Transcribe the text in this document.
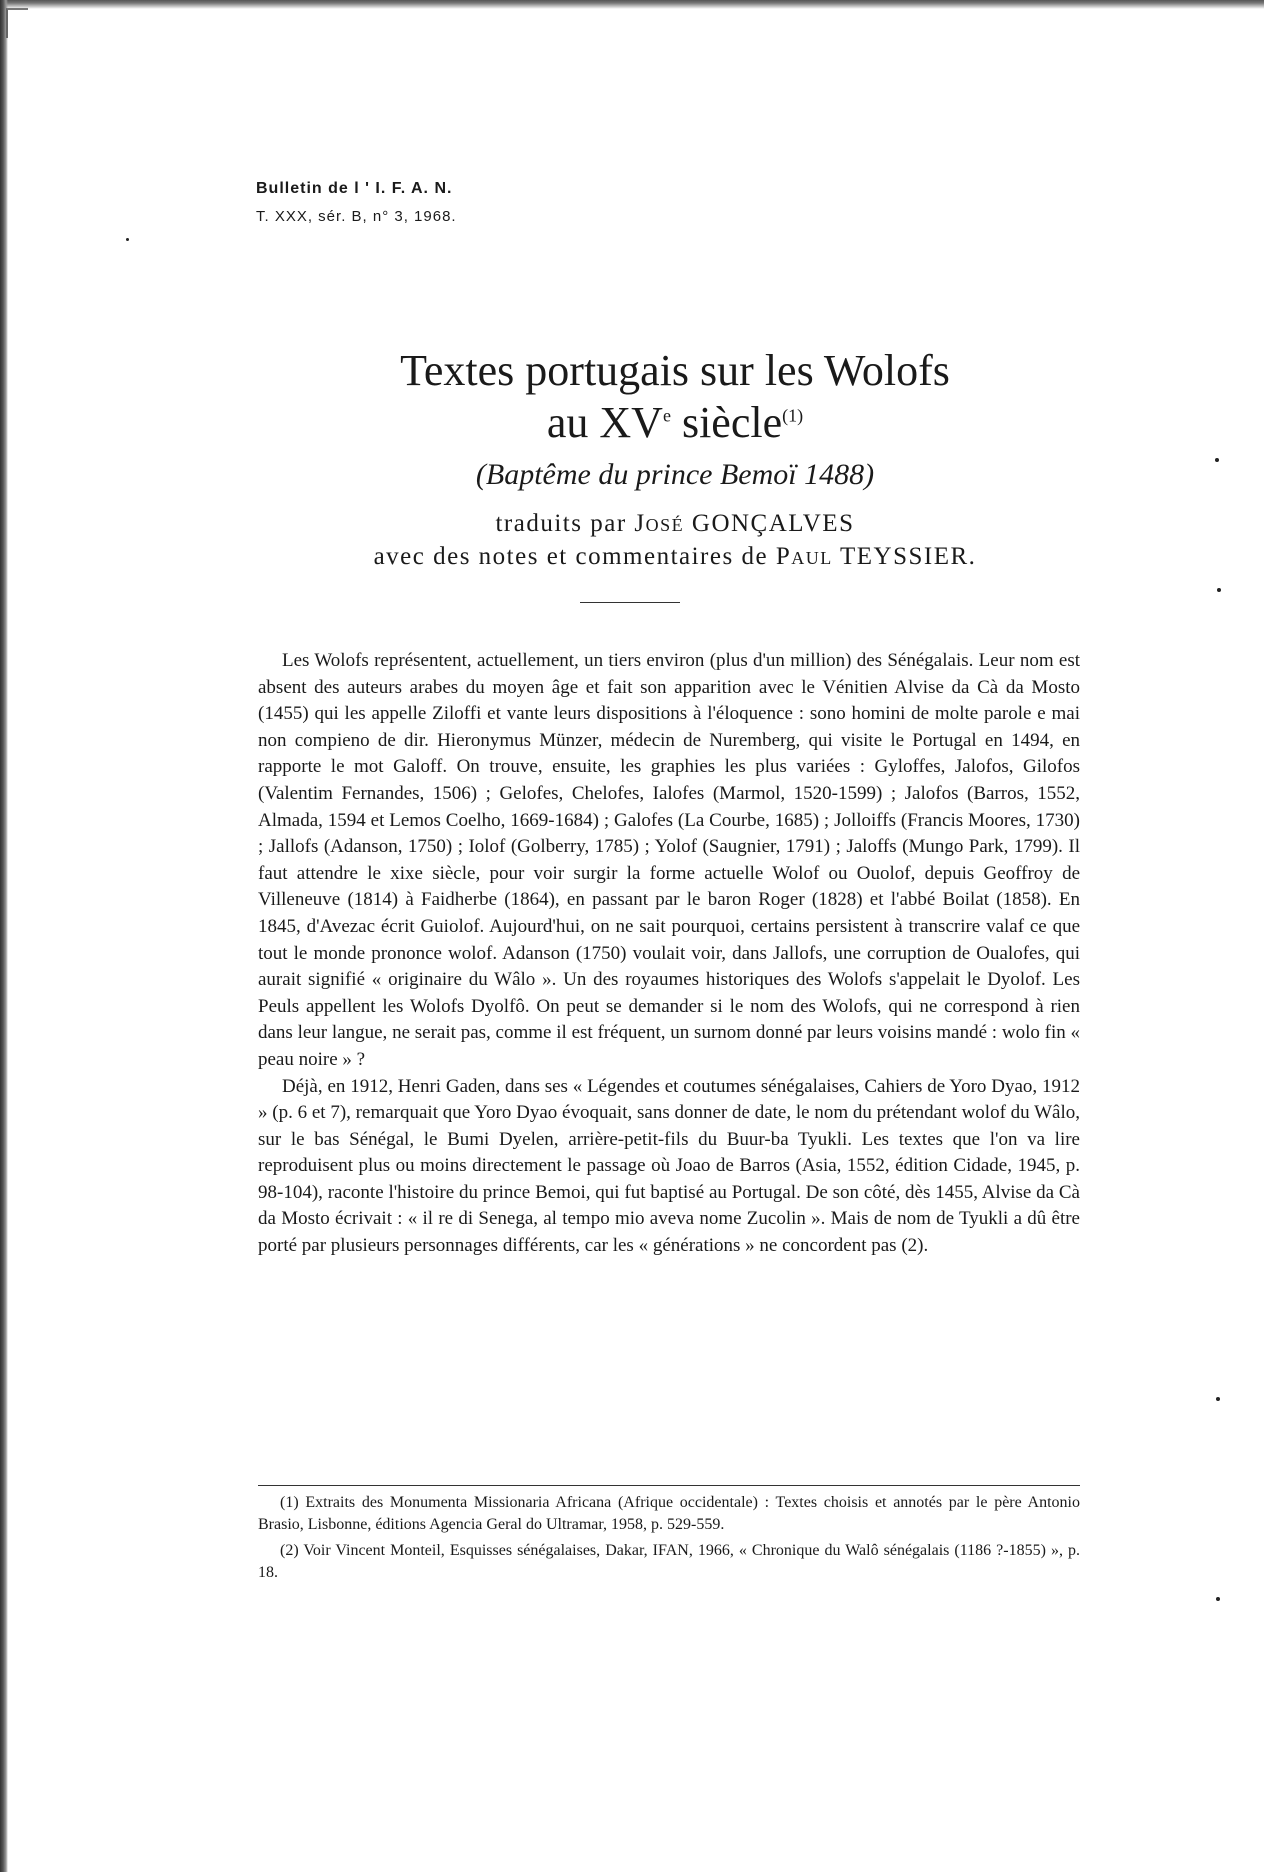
Bulletin de l ' I. F. A. N.
T. XXX, sér. B, n° 3, 1968.
Textes portugais sur les Wolofs
au XVe siècle$^{(1)}$
(Baptême du prince Bemoï 1488)
traduits par José GONÇALVES
avec des notes et commentaires de Paul TEYSSIER.

Les Wolofs représentent, actuellement, un tiers environ (plus d'un million) des Sénégalais. Leur nom est absent des auteurs arabes du moyen âge et fait son apparition avec le Vénitien Alvise da Cà da Mosto (1455) qui les appelle Ziloffi et vante leurs dispositions à l'éloquence : sono homini de molte parole e mai non compieno de dir. Hieronymus Münzer, médecin de Nuremberg, qui visite le Portugal en 1494, en rapporte le mot Galoff. On trouve, ensuite, les graphies les plus variées : Gyloffes, Jalofos, Gilofos (Valentim Fernandes, 1506) ; Gelofes, Chelofes, Ialofes (Marmol, 1520-1599) ; Jalofos (Barros, 1552, Almada, 1594 et Lemos Coelho, 1669-1684) ; Galofes (La Courbe, 1685) ; Jolloiffs (Francis Moores, 1730) ; Jallofs (Adanson, 1750) ; Iolof (Golberry, 1785) ; Yolof (Saugnier, 1791) ; Jaloffs (Mungo Park, 1799). Il faut attendre le xixe siècle, pour voir surgir la forme actuelle Wolof ou Ouolof, depuis Geoffroy de Villeneuve (1814) à Faidherbe (1864), en passant par le baron Roger (1828) et l'abbé Boilat (1858). En 1845, d'Avezac écrit Guiolof. Aujourd'hui, on ne sait pourquoi, certains persistent à transcrire valaf ce que tout le monde prononce wolof. Adanson (1750) voulait voir, dans Jallofs, une corruption de Oualofes, qui aurait signifié « originaire du Wâlo ». Un des royaumes historiques des Wolofs s'appelait le Dyolof. Les Peuls appellent les Wolofs Dyolfô. On peut se demander si le nom des Wolofs, qui ne correspond à rien dans leur langue, ne serait pas, comme il est fréquent, un surnom donné par leurs voisins mandé : wolo fin « peau noire » ?

Déjà, en 1912, Henri Gaden, dans ses « Légendes et coutumes sénégalaises, Cahiers de Yoro Dyao, 1912 » (p. 6 et 7), remarquait que Yoro Dyao évoquait, sans donner de date, le nom du prétendant wolof du Wâlo, sur le bas Sénégal, le Bumi Dyelen, arrière-petit-fils du Buur-ba Tyukli. Les textes que l'on va lire reproduisent plus ou moins directement le passage où Joao de Barros (Asia, 1552, édition Cidade, 1945, p. 98-104), raconte l'histoire du prince Bemoi, qui fut baptisé au Portugal. De son côté, dès 1455, Alvise da Cà da Mosto écrivait : « il re di Senega, al tempo mio aveva nome Zucolin ». Mais de nom de Tyukli a dû être porté par plusieurs personnages différents, car les « générations » ne concordent pas (2).

(1) Extraits des Monumenta Missionaria Africana (Afrique occidentale) : Textes choisis et annotés par le père Antonio Brasio, Lisbonne, éditions Agencia Geral do Ultramar, 1958, p. 529-559.

(2) Voir Vincent Monteil, Esquisses sénégalaises, Dakar, IFAN, 1966, « Chronique du Walô sénégalais (1186 ?-1855) », p. 18.
